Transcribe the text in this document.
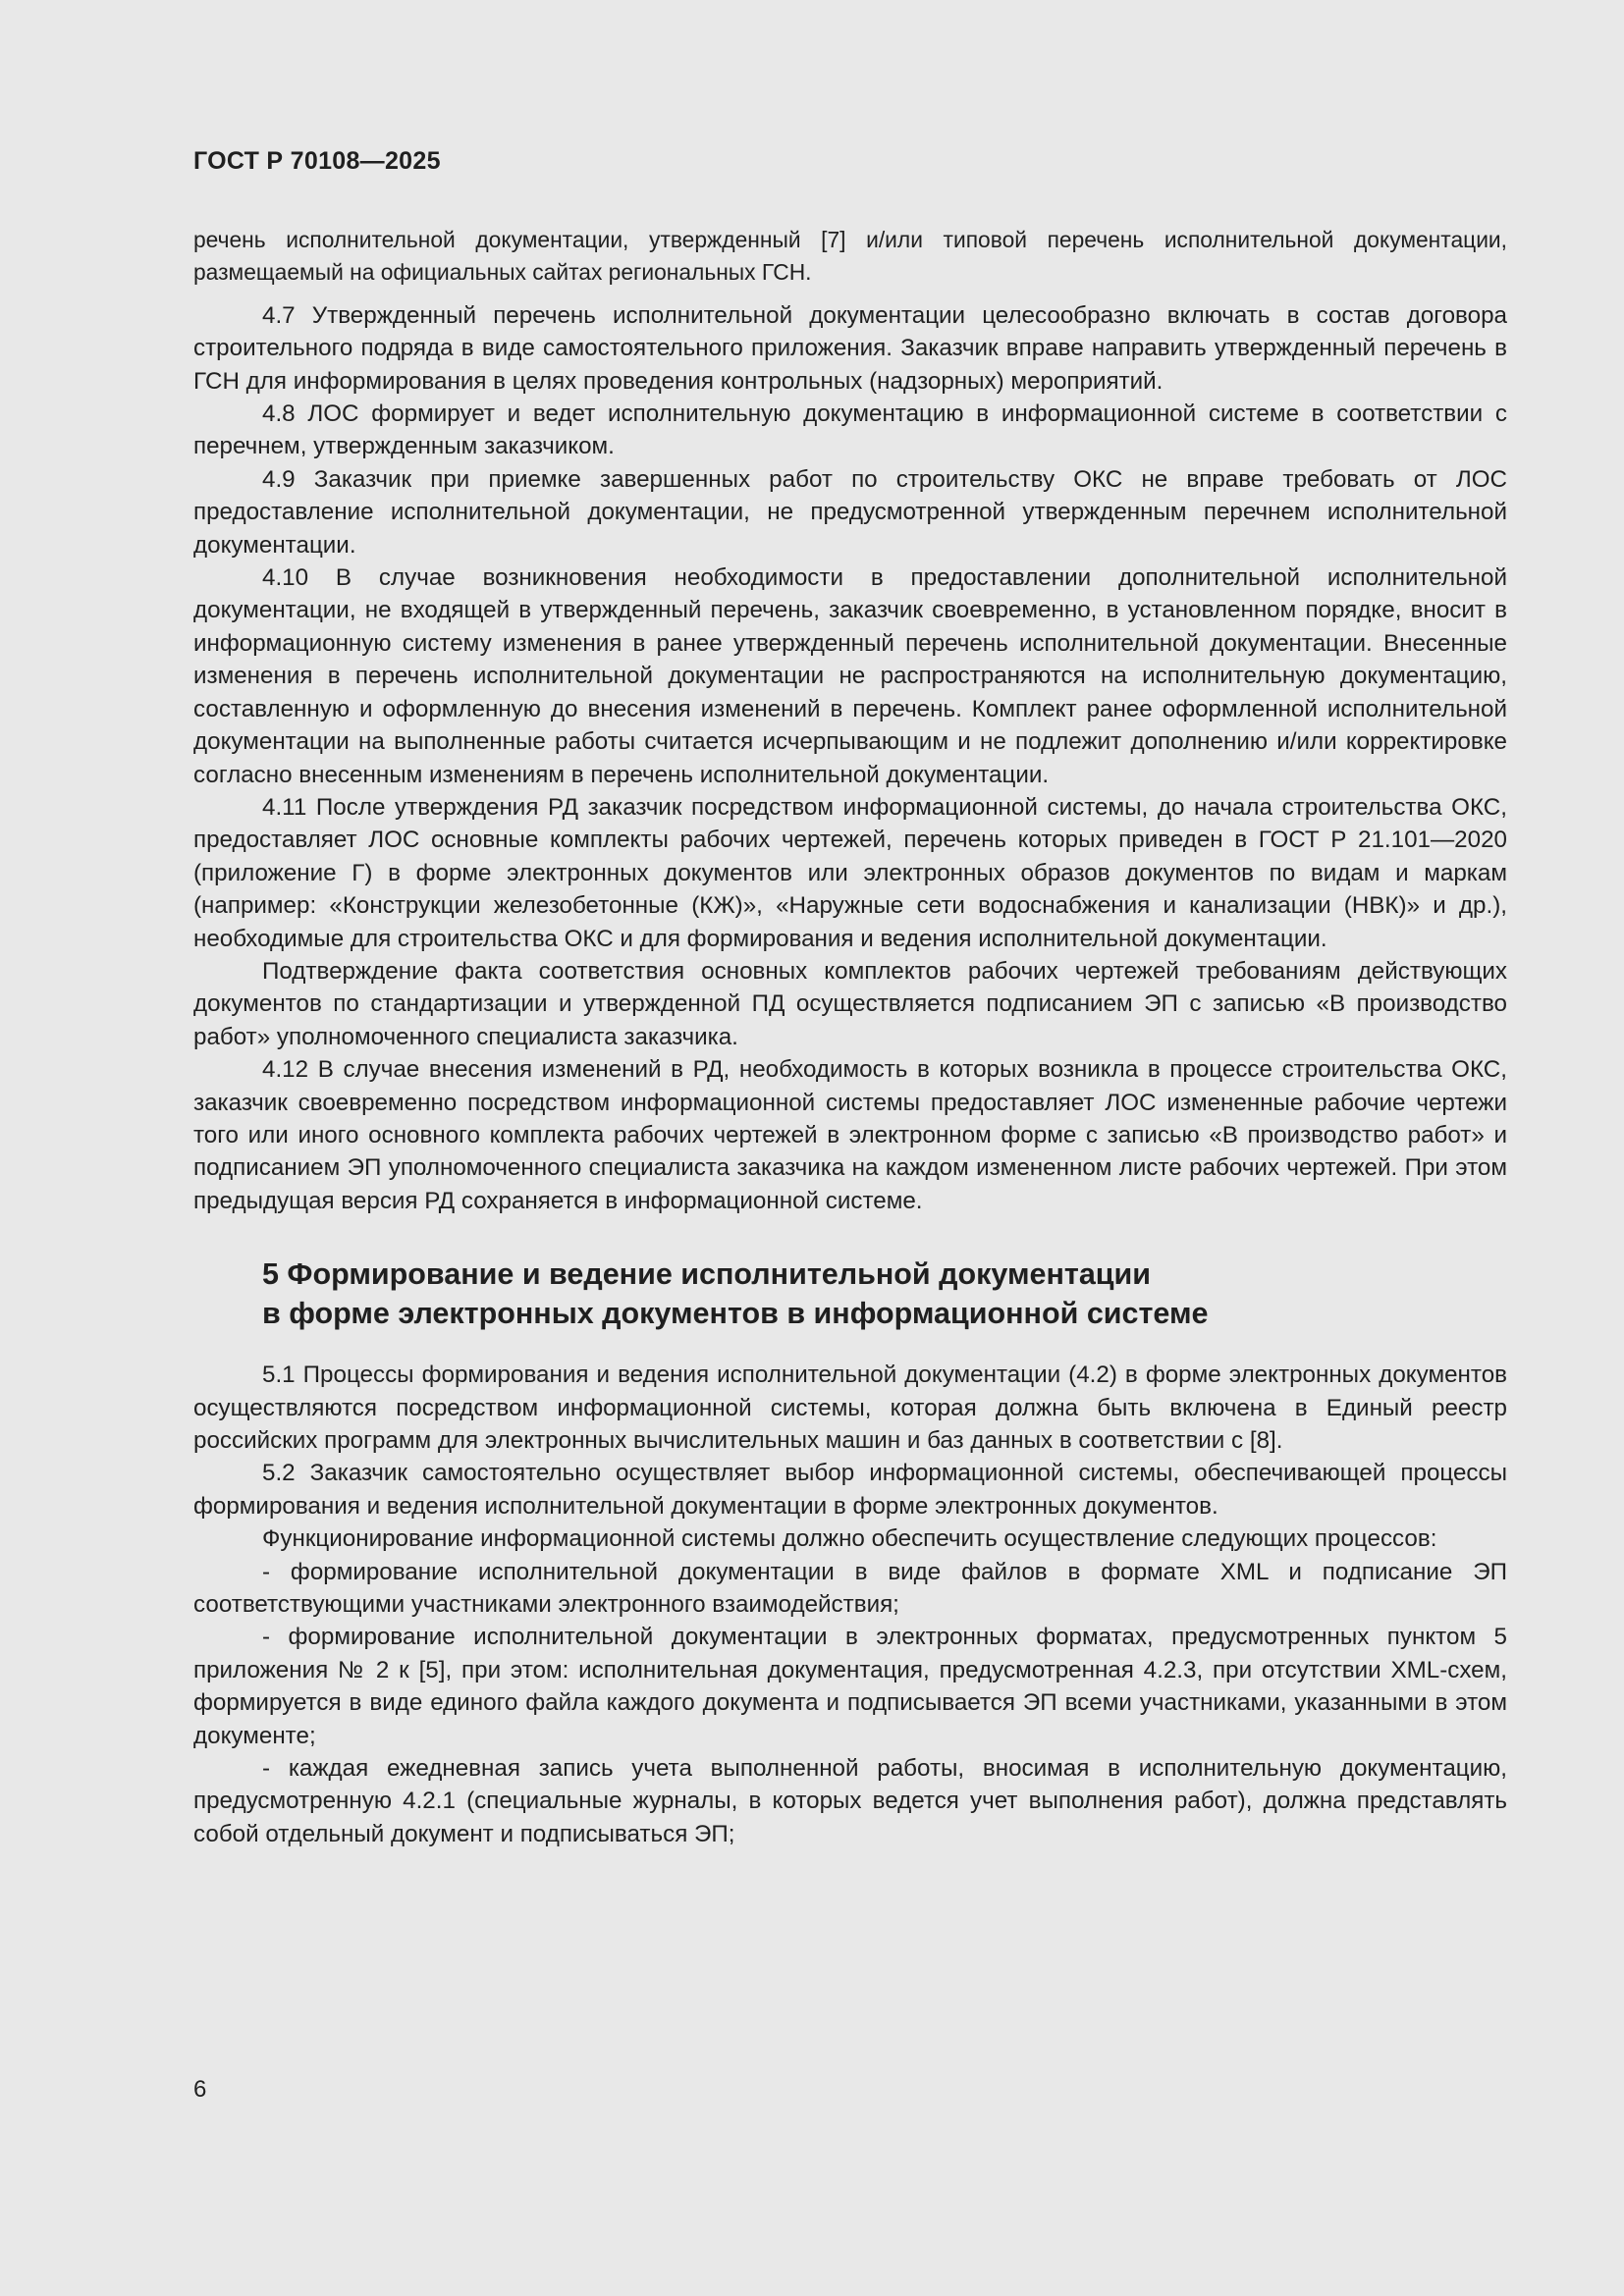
ГОСТ Р 70108—2025

речень исполнительной документации, утвержденный [7] и/или типовой перечень исполнительной документации, размещаемый на официальных сайтах региональных ГСН.

4.7 Утвержденный перечень исполнительной документации целесообразно включать в состав договора строительного подряда в виде самостоятельного приложения. Заказчик вправе направить утвержденный перечень в ГСН для информирования в целях проведения контрольных (надзорных) мероприятий.

4.8 ЛОС формирует и ведет исполнительную документацию в информационной системе в соответствии с перечнем, утвержденным заказчиком.

4.9 Заказчик при приемке завершенных работ по строительству ОКС не вправе требовать от ЛОС предоставление исполнительной документации, не предусмотренной утвержденным перечнем исполнительной документации.

4.10 В случае возникновения необходимости в предоставлении дополнительной исполнительной документации, не входящей в утвержденный перечень, заказчик своевременно, в установленном порядке, вносит в информационную систему изменения в ранее утвержденный перечень исполнительной документации. Внесенные изменения в перечень исполнительной документации не распространяются на исполнительную документацию, составленную и оформленную до внесения изменений в перечень. Комплект ранее оформленной исполнительной документации на выполненные работы считается исчерпывающим и не подлежит дополнению и/или корректировке согласно внесенным изменениям в перечень исполнительной документации.

4.11 После утверждения РД заказчик посредством информационной системы, до начала строительства ОКС, предоставляет ЛОС основные комплекты рабочих чертежей, перечень которых приведен в ГОСТ Р 21.101—2020 (приложение Г) в форме электронных документов или электронных образов документов по видам и маркам (например: «Конструкции железобетонные (КЖ)», «Наружные сети водоснабжения и канализации (НВК)» и др.), необходимые для строительства ОКС и для формирования и ведения исполнительной документации.

Подтверждение факта соответствия основных комплектов рабочих чертежей требованиям действующих документов по стандартизации и утвержденной ПД осуществляется подписанием ЭП с записью «В производство работ» уполномоченного специалиста заказчика.

4.12 В случае внесения изменений в РД, необходимость в которых возникла в процессе строительства ОКС, заказчик своевременно посредством информационной системы предоставляет ЛОС измененные рабочие чертежи того или иного основного комплекта рабочих чертежей в электронном форме с записью «В производство работ» и подписанием ЭП уполномоченного специалиста заказчика на каждом измененном листе рабочих чертежей. При этом предыдущая версия РД сохраняется в информационной системе.

5 Формирование и ведение исполнительной документации
в форме электронных документов в информационной системе

5.1 Процессы формирования и ведения исполнительной документации (4.2) в форме электронных документов осуществляются посредством информационной системы, которая должна быть включена в Единый реестр российских программ для электронных вычислительных машин и баз данных в соответствии с [8].

5.2 Заказчик самостоятельно осуществляет выбор информационной системы, обеспечивающей процессы формирования и ведения исполнительной документации в форме электронных документов.

Функционирование информационной системы должно обеспечить осуществление следующих процессов:

- формирование исполнительной документации в виде файлов в формате XML и подписание ЭП соответствующими участниками электронного взаимодействия;

- формирование исполнительной документации в электронных форматах, предусмотренных пунктом 5 приложения № 2 к [5], при этом: исполнительная документация, предусмотренная 4.2.3, при отсутствии XML-схем, формируется в виде единого файла каждого документа и подписывается ЭП всеми участниками, указанными в этом документе;

- каждая ежедневная запись учета выполненной работы, вносимая в исполнительную документацию, предусмотренную 4.2.1 (специальные журналы, в которых ведется учет выполнения работ), должна представлять собой отдельный документ и подписываться ЭП;

6
